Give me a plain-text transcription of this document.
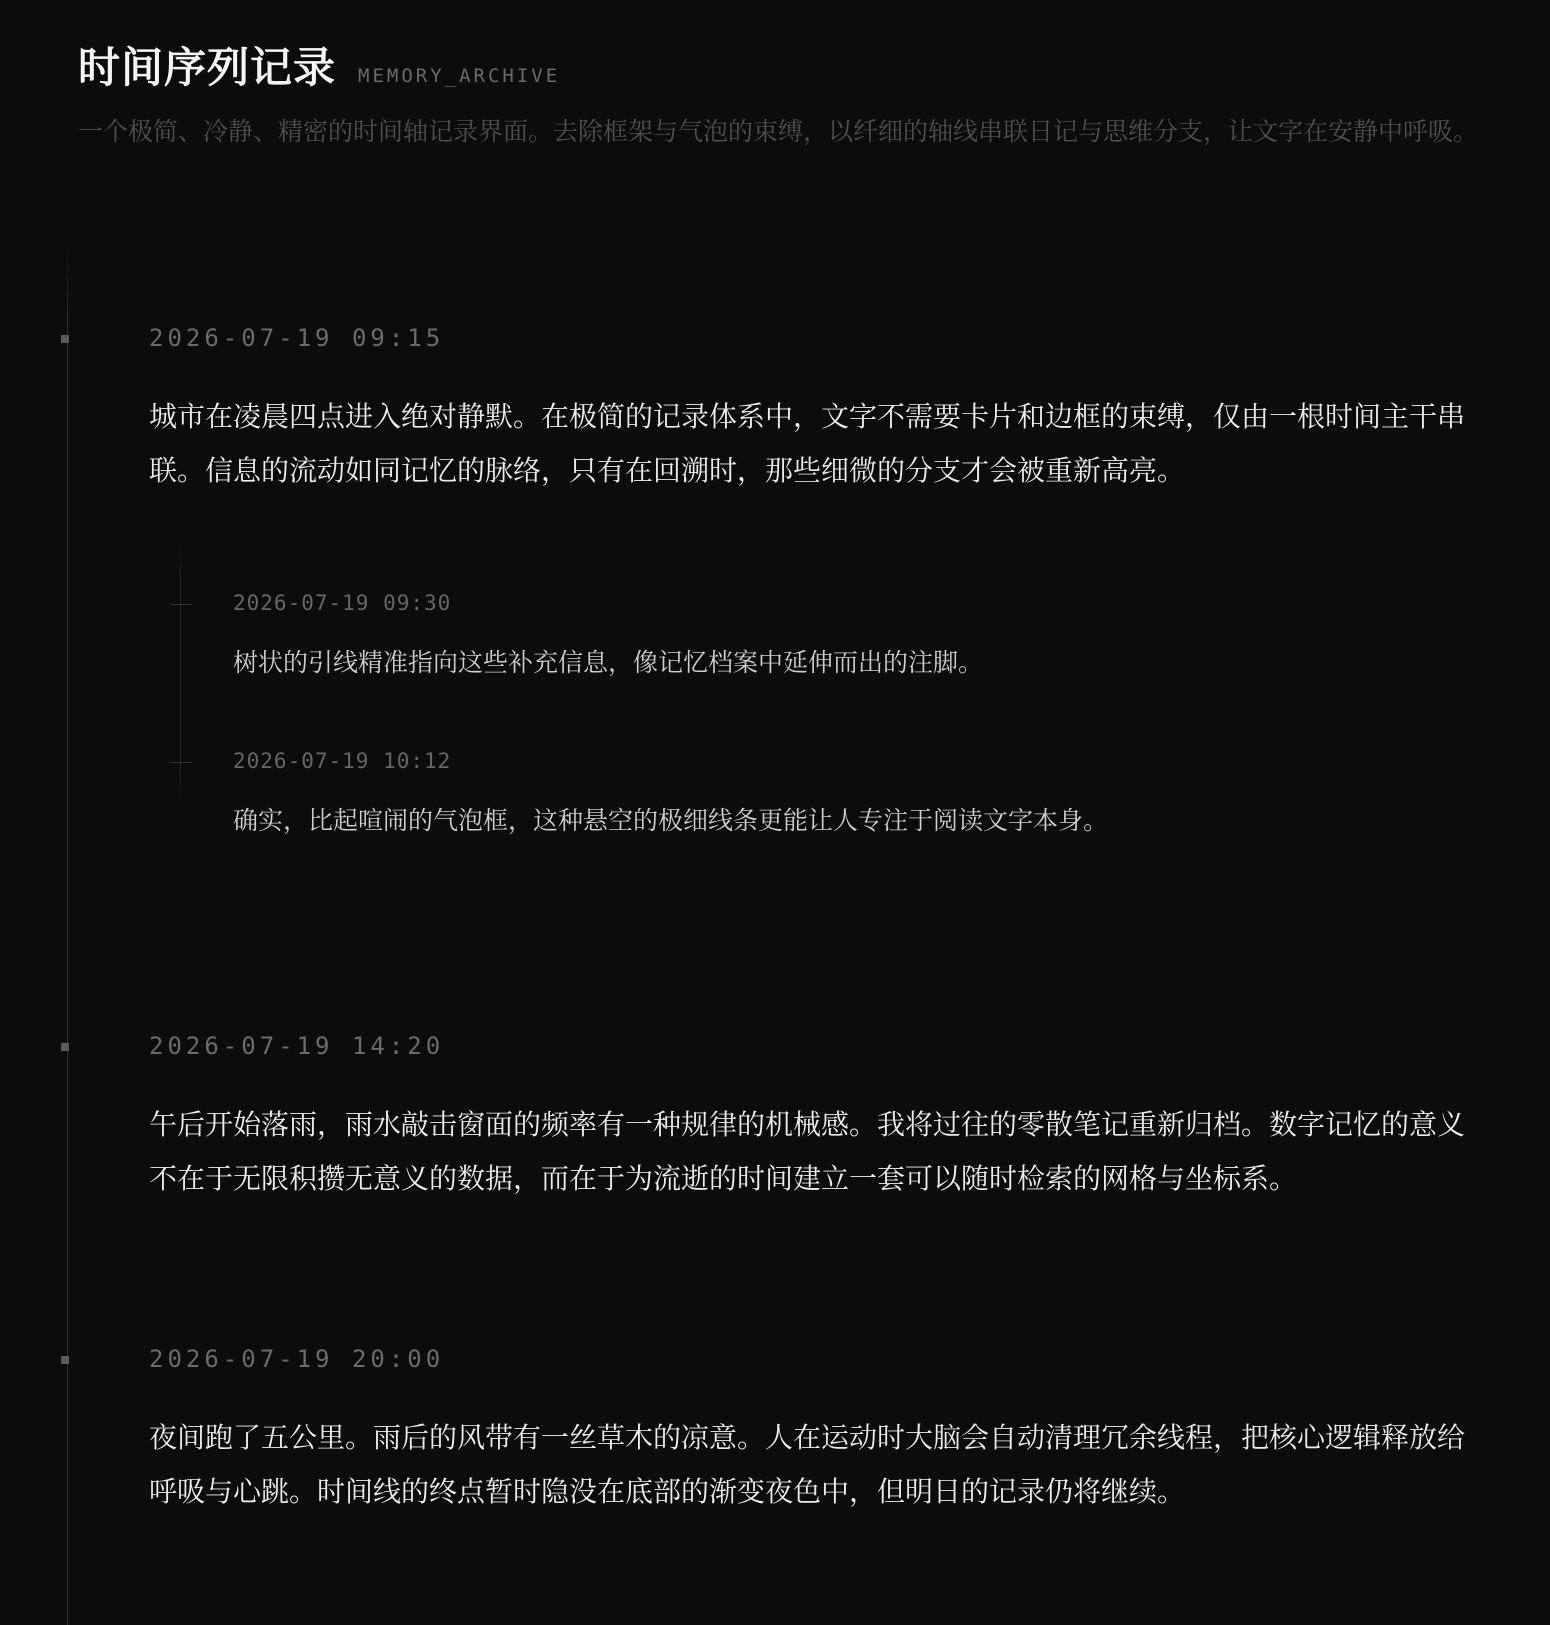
时间序列记录 MEMORY_ARCHIVE
一个极简、冷静、精密的时间轴记录界面。去除框架与气泡的束缚，以纤细的轴线串联日记与思维分支，让文字在安静中呼吸。
2026-07-19 09:15
城市在凌晨四点进入绝对静默。在极简的记录体系中，文字不需要卡片和边框的束缚，仅由一根时间主干串联。信息的流动如同记忆的脉络，只有在回溯时，那些细微的分支才会被重新高亮。
2026-07-19 09:30
树状的引线精准指向这些补充信息，像记忆档案中延伸而出的注脚。
2026-07-19 10:12
确实，比起喧闹的气泡框，这种悬空的极细线条更能让人专注于阅读文字本身。
2026-07-19 14:20
午后开始落雨，雨水敲击窗面的频率有一种规律的机械感。我将过往的零散笔记重新归档。数字记忆的意义不在于无限积攒无意义的数据，而在于为流逝的时间建立一套可以随时检索的网格与坐标系。
2026-07-19 20:00
夜间跑了五公里。雨后的风带有一丝草木的凉意。人在运动时大脑会自动清理冗余线程，把核心逻辑释放给呼吸与心跳。时间线的终点暂时隐没在底部的渐变夜色中，但明日的记录仍将继续。
